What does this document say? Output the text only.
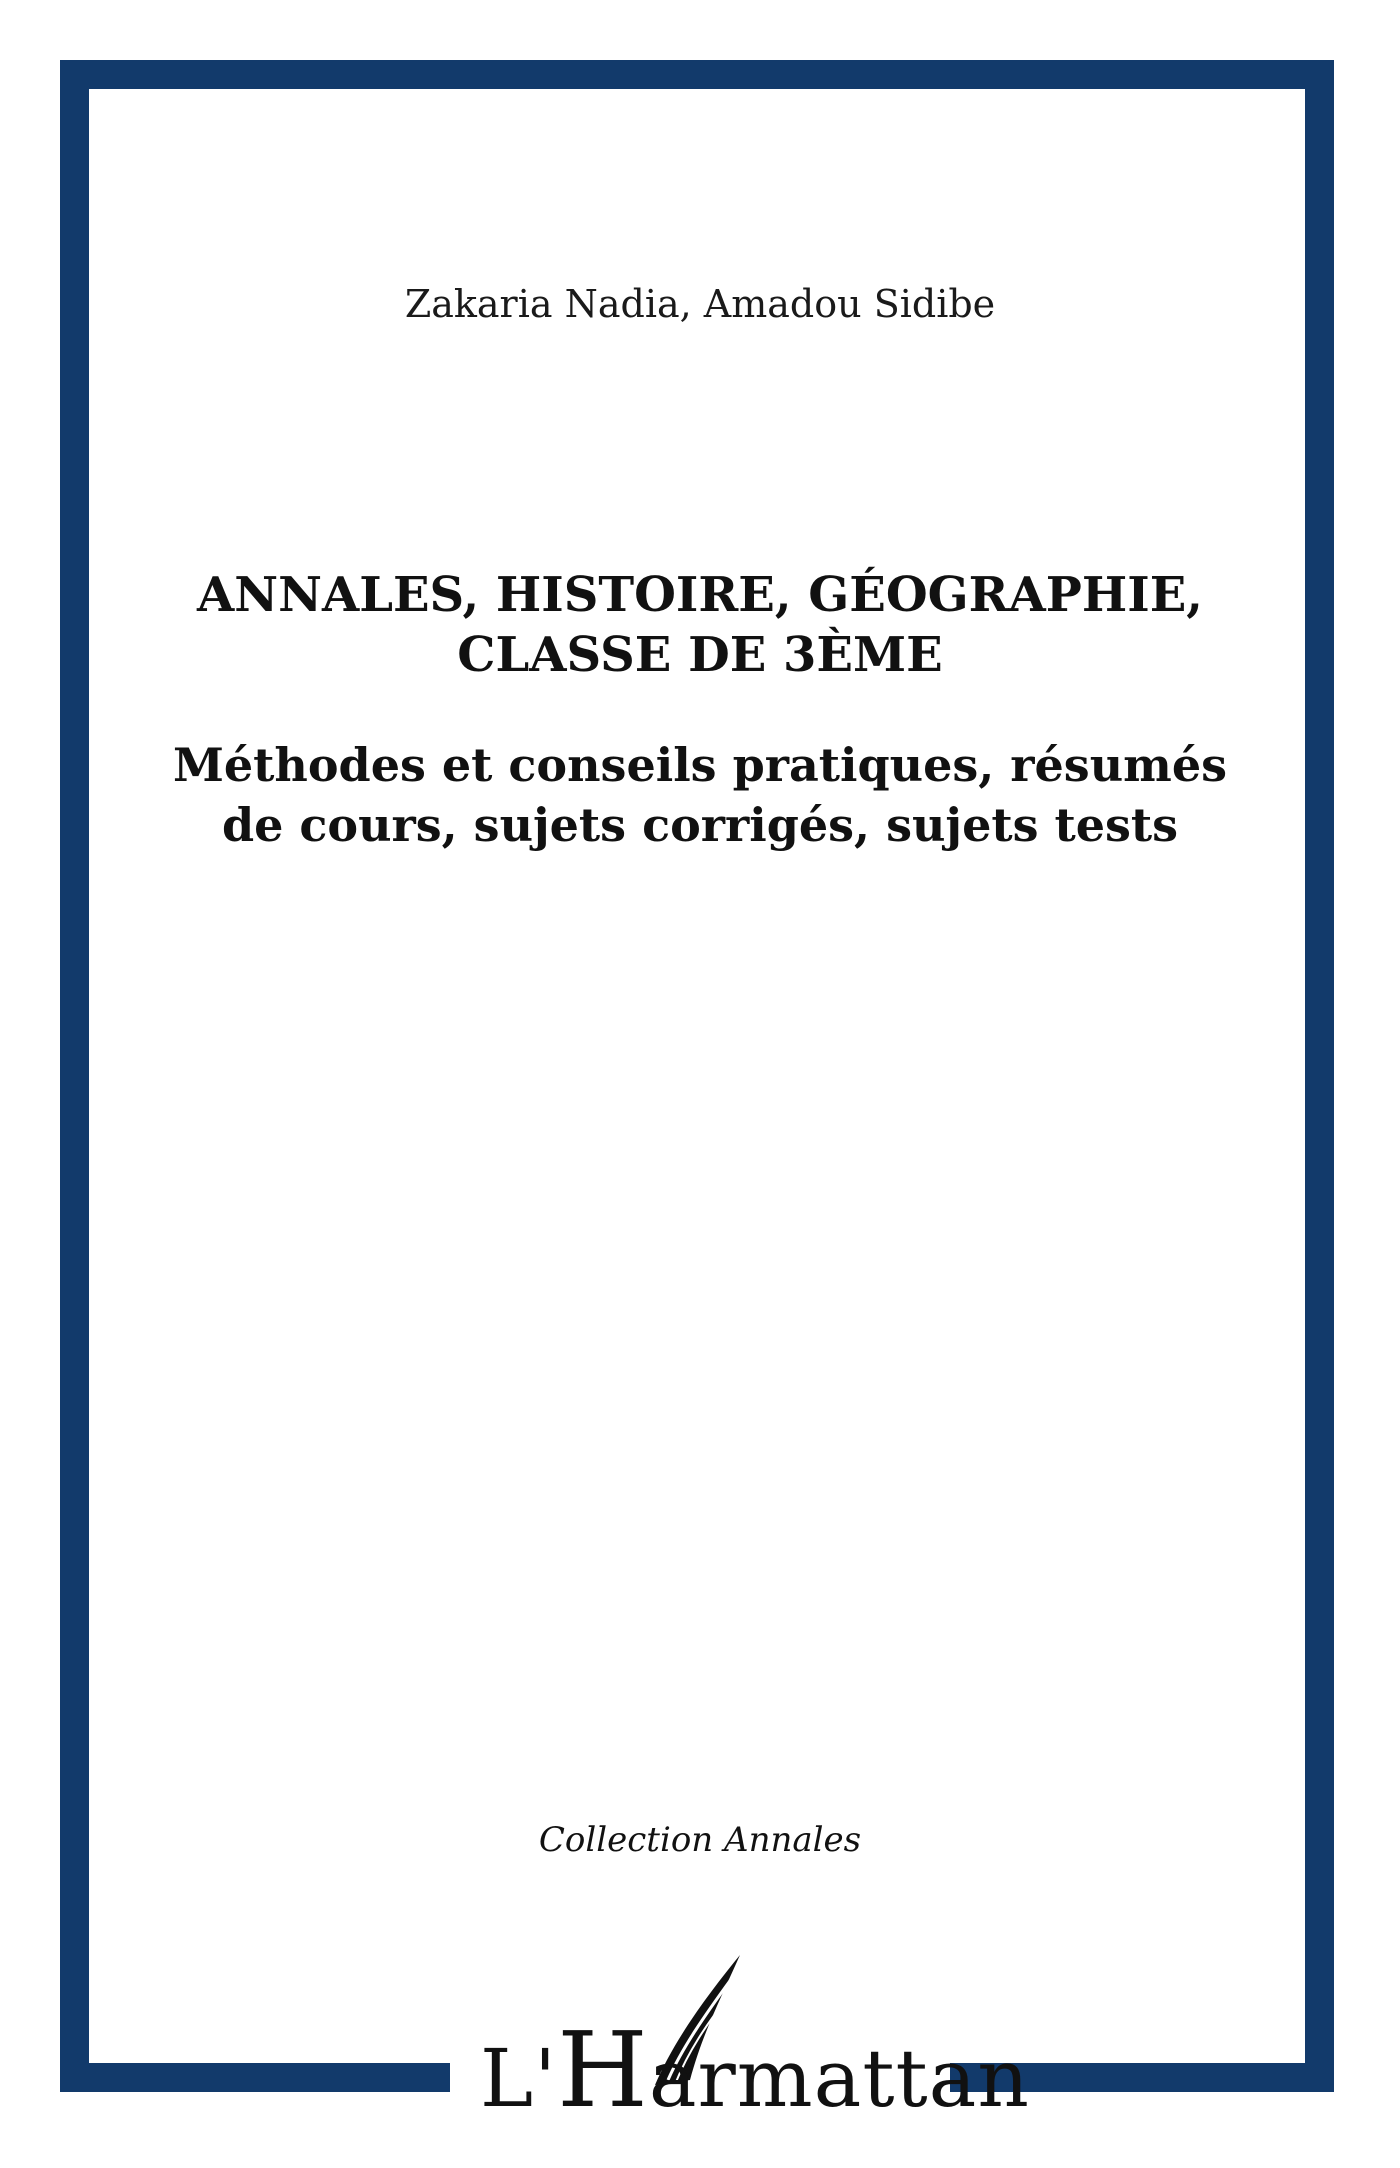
Zakaria Nadia, Amadou Sidibe
ANNALES, HISTOIRE, GÉOGRAPHIE,
CLASSE DE 3ÈME
Méthodes et conseils pratiques, résumés
de cours, sujets corrigés, sujets tests
Collection Annales
L'Harmattan
